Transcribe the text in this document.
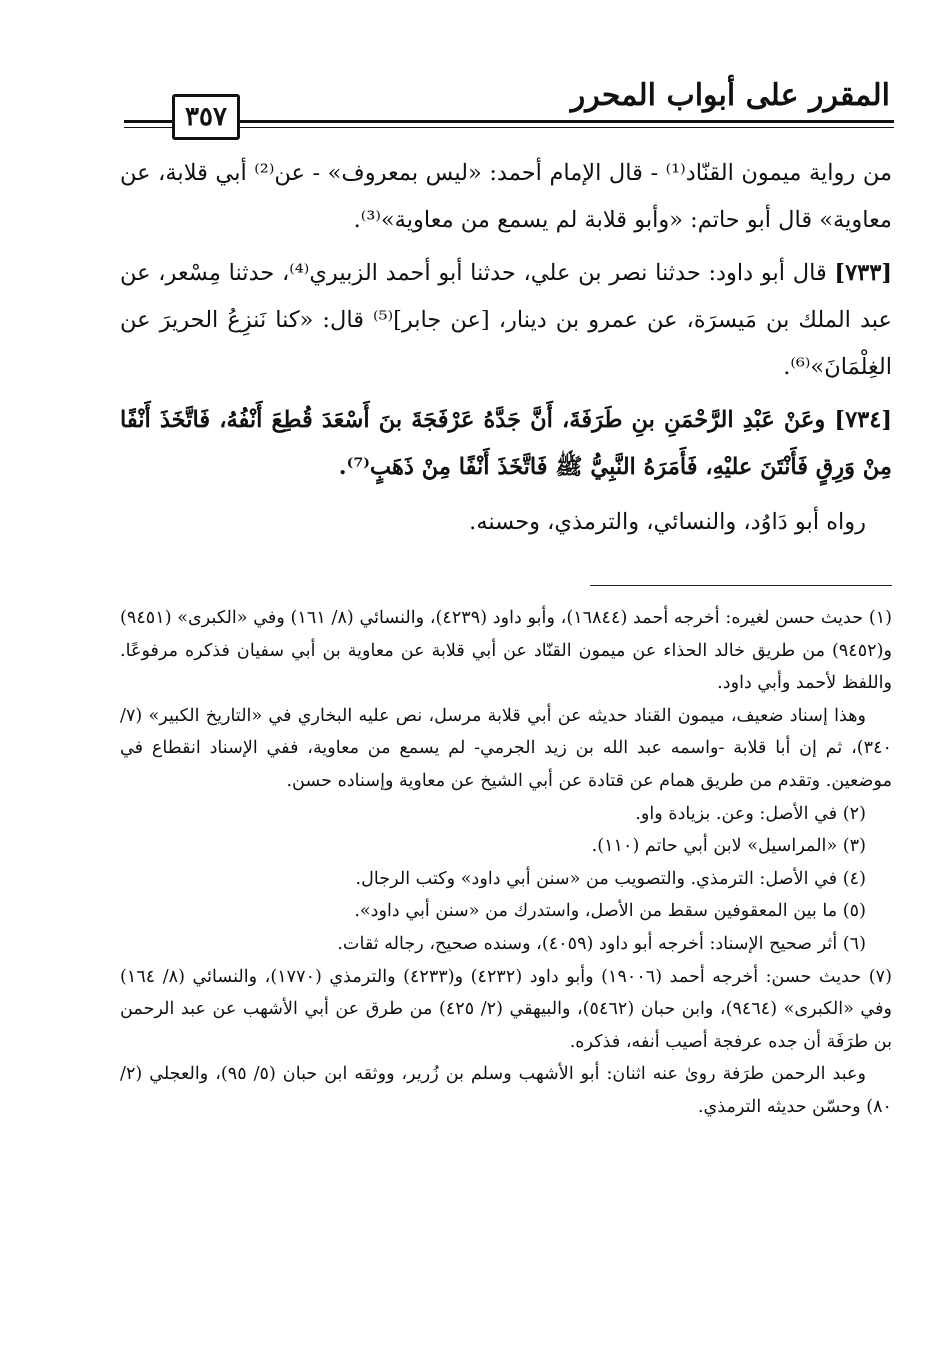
المقرر على أبواب المحرر
٣٥٧

من رواية ميمون القنّاد⁽¹⁾ - قال الإمام أحمد: «ليس بمعروف» - عن⁽²⁾ أبي قلابة، عن معاوية» قال أبو حاتم: «وأبو قلابة لم يسمع من معاوية»⁽³⁾.

[٧٣٣] قال أبو داود: حدثنا نصر بن علي، حدثنا أبو أحمد الزبيري⁽⁴⁾، حدثنا مِسْعر، عن عبد الملك بن مَيسرَة، عن عمرو بن دينار، [عن جابر]⁽⁵⁾ قال: «كنا نَنزِعُ الحريرَ عن الغِلْمَانَ»⁽⁶⁾.

[٧٣٤] وعَنْ عَبْدِ الرَّحْمَنِ بنِ طَرَفَةَ، أَنَّ جَدَّهُ عَرْفَجَةَ بنَ أَسْعَدَ قُطِعَ أَنْفُهُ، فَاتَّخَذَ أَنْفًا مِنْ وَرِقٍ فَأَنْتَنَ عليْهِ، فَأَمَرَهُ النَّبِيُّ ﷺ فَاتَّخَذَ أَنْفًا مِنْ ذَهَبٍ⁽⁷⁾.

رواه أبو دَاوُد، والنسائي، والترمذي، وحسنه.

(١) حديث حسن لغيره: أخرجه أحمد (١٦٨٤٤)، وأبو داود (٤٢٣٩)، والنسائي (٨/ ١٦١) وفي «الكبرى» (٩٤٥١) و(٩٤٥٢) من طريق خالد الحذاء عن ميمون القنّاد عن أبي قلابة عن معاوية بن أبي سفيان فذكره مرفوعًا. واللفظ لأحمد وأبي داود.

وهذا إسناد ضعيف، ميمون القناد حديثه عن أبي قلابة مرسل، نص عليه البخاري في «التاريخ الكبير» (٧/ ٣٤٠)، ثم إن أبا قلابة -واسمه عبد الله بن زيد الجرمي- لم يسمع من معاوية، ففي الإسناد انقطاع في موضعين. وتقدم من طريق همام عن قتادة عن أبي الشيخ عن معاوية وإسناده حسن.

(٢) في الأصل: وعن. بزيادة واو.

(٣) «المراسيل» لابن أبي حاتم (١١٠).

(٤) في الأصل: الترمذي. والتصويب من «سنن أبي داود» وكتب الرجال.

(٥) ما بين المعقوفين سقط من الأصل، واستدرك من «سنن أبي داود».

(٦) أثر صحيح الإسناد: أخرجه أبو داود (٤٠٥٩)، وسنده صحيح، رجاله ثقات.

(٧) حديث حسن: أخرجه أحمد (١٩٠٠٦) وأبو داود (٤٢٣٢) و(٤٢٣٣) والترمذي (١٧٧٠)، والنسائي (٨/ ١٦٤) وفي «الكبرى» (٩٤٦٤)، وابن حبان (٥٤٦٢)، والبيهقي (٢/ ٤٢٥) من طرق عن أبي الأشهب عن عبد الرحمن بن طرَفَة أن جده عرفجة أصيب أنفه، فذكره.

وعبد الرحمن طرَفة روىٰ عنه اثنان: أبو الأشهب وسلم بن زُرير، ووثقه ابن حبان (٥/ ٩٥)، والعجلي (٢/ ٨٠) وحسّن حديثه الترمذي.
